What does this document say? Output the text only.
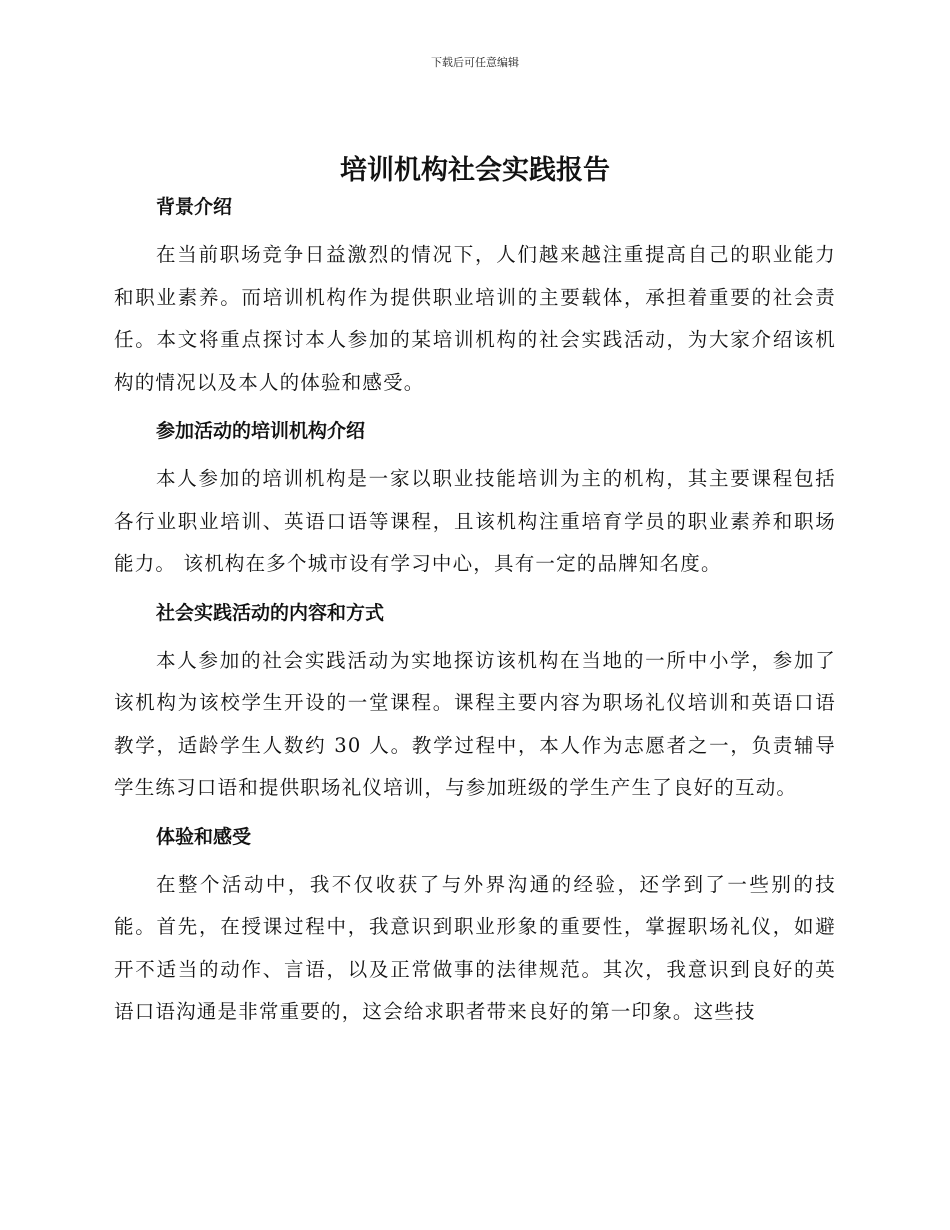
下载后可任意编辑
培训机构社会实践报告
背景介绍

在当前职场竞争日益激烈的情况下，人们越来越注重提高自己的职业能力和职业素养。而培训机构作为提供职业培训的主要载体，承担着重要的社会责任。本文将重点探讨本人参加的某培训机构的社会实践活动，为大家介绍该机构的情况以及本人的体验和感受。

参加活动的培训机构介绍

本人参加的培训机构是一家以职业技能培训为主的机构，其主要课程包括各行业职业培训、英语口语等课程，且该机构注重培育学员的职业素养和职场能力。 该机构在多个城市设有学习中心，具有一定的品牌知名度。

社会实践活动的内容和方式

本人参加的社会实践活动为实地探访该机构在当地的一所中小学，参加了该机构为该校学生开设的一堂课程。课程主要内容为职场礼仪培训和英语口语教学，适龄学生人数约 30 人。教学过程中，本人作为志愿者之一，负责辅导学生练习口语和提供职场礼仪培训，与参加班级的学生产生了良好的互动。

体验和感受

在整个活动中，我不仅收获了与外界沟通的经验，还学到了一些别的技能。首先，在授课过程中，我意识到职业形象的重要性，掌握职场礼仪，如避开不适当的动作、言语，以及正常做事的法律规范。其次，我意识到良好的英语口语沟通是非常重要的，这会给求职者带来良好的第一印象。这些技
